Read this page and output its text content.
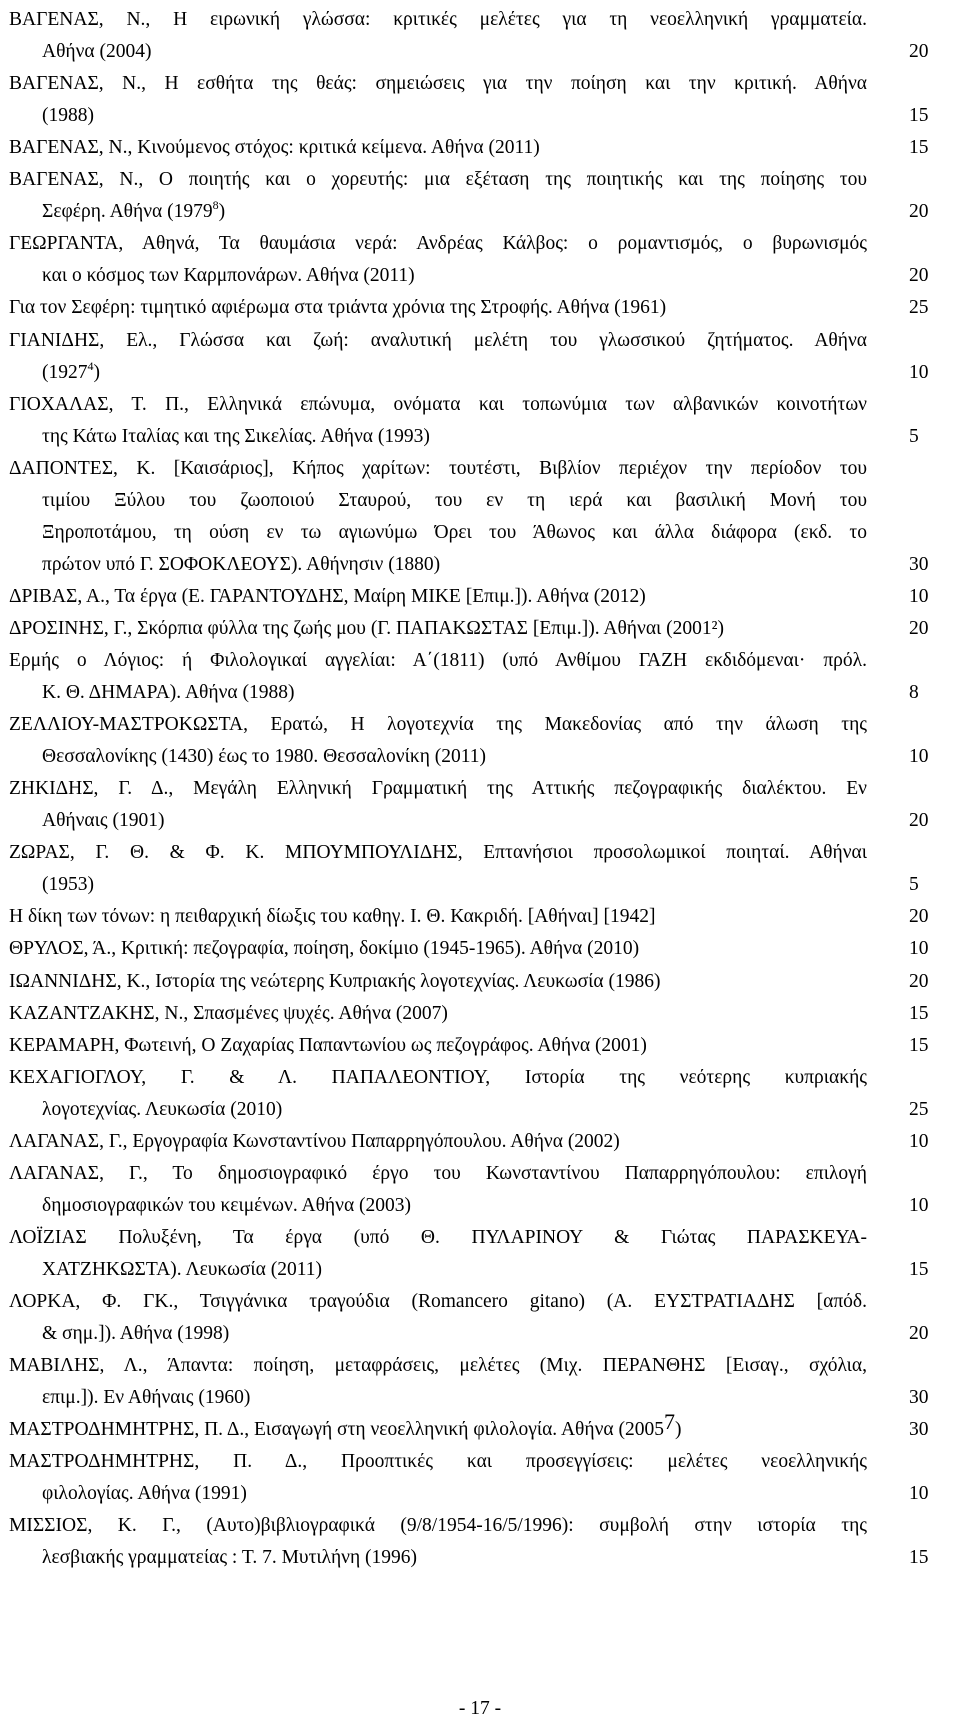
ΒΑΓΕΝΑΣ, Ν., Η ειρωνική γλώσσα: κριτικές μελέτες για τη νεοελληνική γραμματεία.
Αθήνα (2004)	20
ΒΑΓΕΝΑΣ, Ν., Η εσθήτα της θεάς: σημειώσεις για την ποίηση και την κριτική. Αθήνα
(1988)	15
ΒΑΓΕΝΑΣ, Ν., Κινούμενος στόχος: κριτικά κείμενα. Αθήνα (2011)	15
ΒΑΓΕΝΑΣ, Ν., Ο ποιητής και ο χορευτής: μια εξέταση της ποιητικής και της ποίησης του
Σεφέρη. Αθήνα (1979$^8$)	20
ΓΕΩΡΓΑΝΤΑ, Αθηνά, Τα θαυμάσια νερά: Ανδρέας Κάλβος: ο ρομαντισμός, ο βυρωνισμός
και ο κόσμος των Καρμπονάρων. Αθήνα (2011)	20
Για τον Σεφέρη: τιμητικό αφιέρωμα στα τριάντα χρόνια της Στροφής. Αθήνα (1961)	25
ΓΙΑΝΙΔΗΣ, Ελ., Γλώσσα και ζωή: αναλυτική μελέτη του γλωσσικού ζητήματος. Αθήνα
(1927$^4$)	10
ΓΙΟΧΑΛΑΣ, Τ. Π., Ελληνικά επώνυμα, ονόματα και τοπωνύμια των αλβανικών κοινοτήτων
της Κάτω Ιταλίας και της Σικελίας. Αθήνα (1993)	5
ΔΑΠΟΝΤΕΣ, Κ. [Καισάριος], Κήπος χαρίτων: τουτέστι, Βιβλίον περιέχον την περίοδον του
τιμίου Ξύλου του ζωοποιού Σταυρού, του εν τη ιερά και βασιλική Μονή του
Ξηροποτάμου, τη ούση εν τω αγιωνύμω Όρει του Άθωνος και άλλα διάφορα (εκδ. το
πρώτον υπό Γ. ΣΟΦΟΚΛΕΟΥΣ). Αθήνησιν (1880)	30
ΔΡΙΒΑΣ, Α., Τα έργα (Ε. ΓΑΡΑΝΤΟΥΔΗΣ, Μαίρη ΜΙΚΕ [Επιμ.]). Αθήνα (2012)	10
ΔΡΟΣΙΝΗΣ, Γ., Σκόρπια φύλλα της ζωής μου (Γ. ΠΑΠΑΚΩΣΤΑΣ [Επιμ.]). Αθήναι (2001²)	20
Ερμής ο Λόγιος: ή Φιλολογικαί αγγελίαι: Α΄(1811) (υπό Ανθίμου ΓΑΖΗ εκδιδόμεναι· πρόλ.
Κ. Θ. ΔΗΜΑΡΑ). Αθήνα (1988)	8
ΖΕΛΛΙΟΥ-ΜΑΣΤΡΟΚΩΣΤΑ, Ερατώ, Η λογοτεχνία της Μακεδονίας από την άλωση της
Θεσσαλονίκης (1430) έως το 1980. Θεσσαλονίκη (2011)	10
ΖΗΚΙΔΗΣ, Γ. Δ., Μεγάλη Ελληνική Γραμματική της Αττικής πεζογραφικής διαλέκτου. Εν
Αθήναις (1901)	20
ΖΩΡΑΣ, Γ. Θ. & Φ. Κ. ΜΠΟΥΜΠΟΥΛΙΔΗΣ, Επτανήσιοι προσολωμικοί ποιηταί. Αθήναι
(1953)	5
Η δίκη των τόνων: η πειθαρχική δίωξις του καθηγ. Ι. Θ. Κακριδή. [Αθήναι] [1942]	20
ΘΡΥΛΟΣ, Ά., Κριτική: πεζογραφία, ποίηση, δοκίμιο (1945-1965). Αθήνα (2010)	10
ΙΩΑΝΝΙΔΗΣ, Κ., Ιστορία της νεώτερης Κυπριακής λογοτεχνίας. Λευκωσία (1986)	20
ΚΑΖΑΝΤΖΑΚΗΣ, Ν., Σπασμένες ψυχές. Αθήνα (2007)	15
ΚΕΡΑΜΑΡΗ, Φωτεινή, Ο Ζαχαρίας Παπαντωνίου ως πεζογράφος. Αθήνα (2001)	15
ΚΕΧΑΓΙΟΓΛΟΥ, Γ. & Λ. ΠΑΠΑΛΕΟΝΤΙΟΥ, Ιστορία της νεότερης κυπριακής
λογοτεχνίας. Λευκωσία (2010)	25
ΛΑΓΑΝΑΣ, Γ., Εργογραφία Κωνσταντίνου Παπαρρηγόπουλου. Αθήνα (2002)	10
ΛΑΓΑΝΑΣ, Γ., Το δημοσιογραφικό έργο του Κωνσταντίνου Παπαρρηγόπουλου: επιλογή
δημοσιογραφικών του κειμένων. Αθήνα (2003)	10
ΛΟΪΖΙΑΣ Πολυξένη, Τα έργα (υπό Θ. ΠΥΛΑΡΙΝΟΥ & Γιώτας ΠΑΡΑΣΚΕΥΑ-
ΧΑΤΖΗΚΩΣΤΑ). Λευκωσία (2011)	15
ΛΟΡΚΑ, Φ. ΓΚ., Τσιγγάνικα τραγούδια (Romancero gitano) (Α. ΕΥΣΤΡΑΤΙΑΔΗΣ [απόδ.
& σημ.]). Αθήνα (1998)	20
ΜΑΒΙΛΗΣ, Λ., Άπαντα: ποίηση, μεταφράσεις, μελέτες (Μιχ. ΠΕΡΑΝΘΗΣ [Εισαγ., σχόλια,
επιμ.]). Εν Αθήναις (1960)	30
ΜΑΣΤΡΟΔΗΜΗΤΡΗΣ, Π. Δ., Εισαγωγή στη νεοελληνική φιλολογία. Αθήνα (20057)	30
ΜΑΣΤΡΟΔΗΜΗΤΡΗΣ, Π. Δ., Προοπτικές και προσεγγίσεις: μελέτες νεοελληνικής
φιλολογίας. Αθήνα (1991)	10
ΜΙΣΣΙΟΣ, Κ. Γ., (Αυτο)βιβλιογραφικά (9/8/1954-16/5/1996): συμβολή στην ιστορία της
λεσβιακής γραμματείας : Τ. 7. Μυτιλήνη (1996)	15
- 17 -
